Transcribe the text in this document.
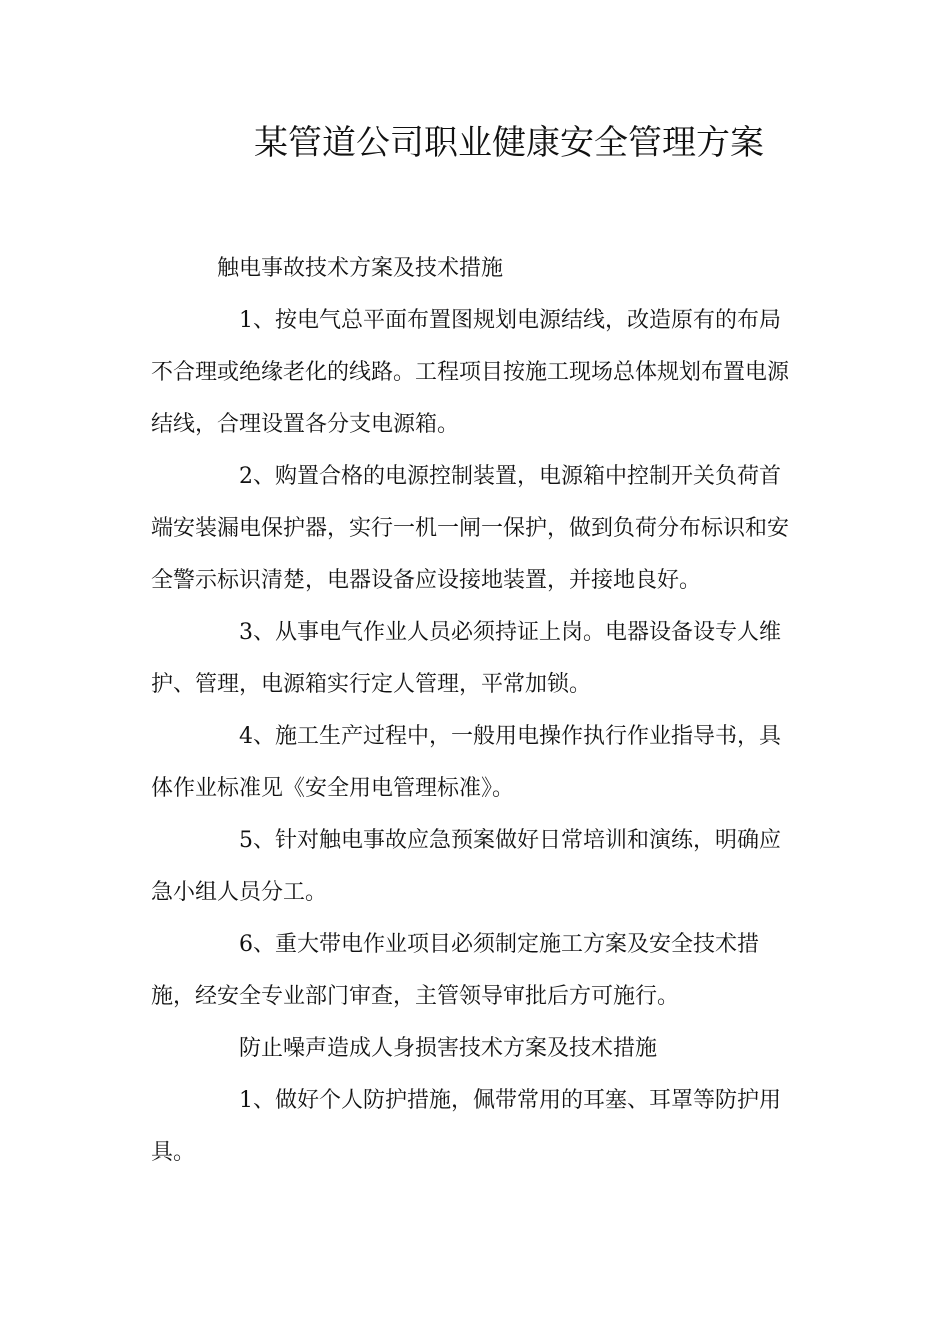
某管道公司职业健康安全管理方案
触电事故技术方案及技术措施
1、按电气总平面布置图规划电源结线，改造原有的布局
不合理或绝缘老化的线路。工程项目按施工现场总体规划布置电源
结线，合理设置各分支电源箱。
2、购置合格的电源控制装置，电源箱中控制开关负荷首
端安装漏电保护器，实行一机一闸一保护，做到负荷分布标识和安
全警示标识清楚，电器设备应设接地装置，并接地良好。
3、从事电气作业人员必须持证上岗。电器设备设专人维
护、管理，电源箱实行定人管理，平常加锁。
4、施工生产过程中，一般用电操作执行作业指导书，具
体作业标准见《安全用电管理标准》。
5、针对触电事故应急预案做好日常培训和演练，明确应
急小组人员分工。
6、重大带电作业项目必须制定施工方案及安全技术措
施，经安全专业部门审查，主管领导审批后方可施行。
防止噪声造成人身损害技术方案及技术措施
1、做好个人防护措施，佩带常用的耳塞、耳罩等防护用
具。
